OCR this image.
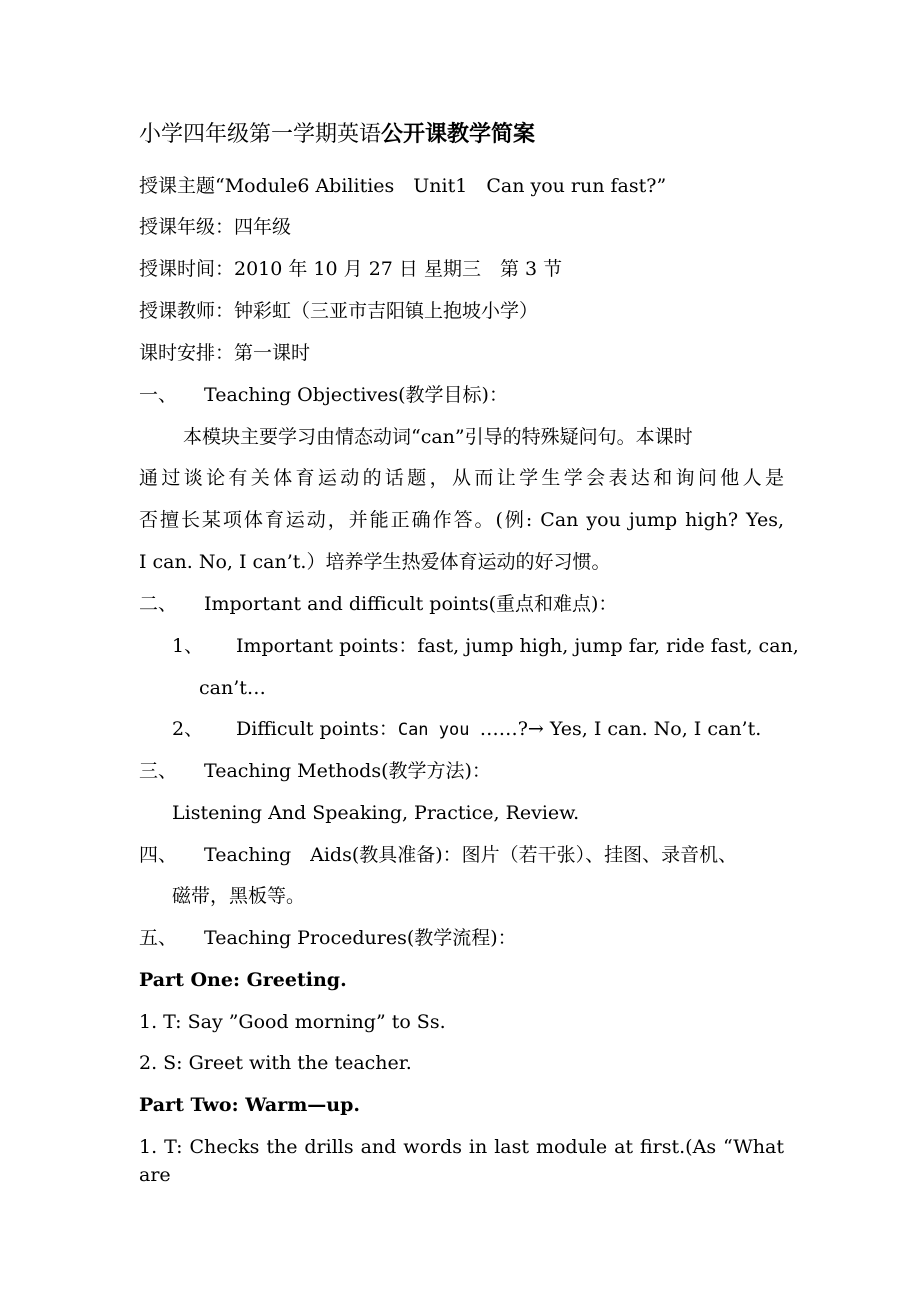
小学四年级第一学期英语公开课教学简案
授课主题“Module6 Abilities　Unit1　Can you run fast?”
授课年级：四年级
授课时间：2010 年 10 月 27 日 星期三　第 3 节
授课教师：钟彩虹（三亚市吉阳镇上抱坡小学）
课时安排：第一课时
一、 Teaching Objectives(教学目标)：
本模块主要学习由情态动词“can”引导的特殊疑问句。本课时
通过谈论有关体育运动的话题，从而让学生学会表达和询问他人是
否擅长某项体育运动，并能正确作答。(例: Can you jump high? Yes,
I can. No, I can’t.）培养学生热爱体育运动的好习惯。
二、 Important and difficult points(重点和难点)：
1、 Important points：fast, jump high, jump far, ride fast, can,
can’t…
2、 Difficult points：Can you ……?→ Yes, I can. No, I can’t.
三、 Teaching Methods(教学方法)：
Listening And Speaking, Practice, Review.
四、 Teaching　Aids(教具准备)：图片（若干张）、挂图、录音机、
磁带，黑板等。
五、 Teaching Procedures(教学流程)：
Part One: Greeting.
1. T: Say ”Good morning” to Ss.
2. S: Greet with the teacher.
Part Two: Warm—up.
1. T: Checks the drills and words in last module at first.(As “What are
